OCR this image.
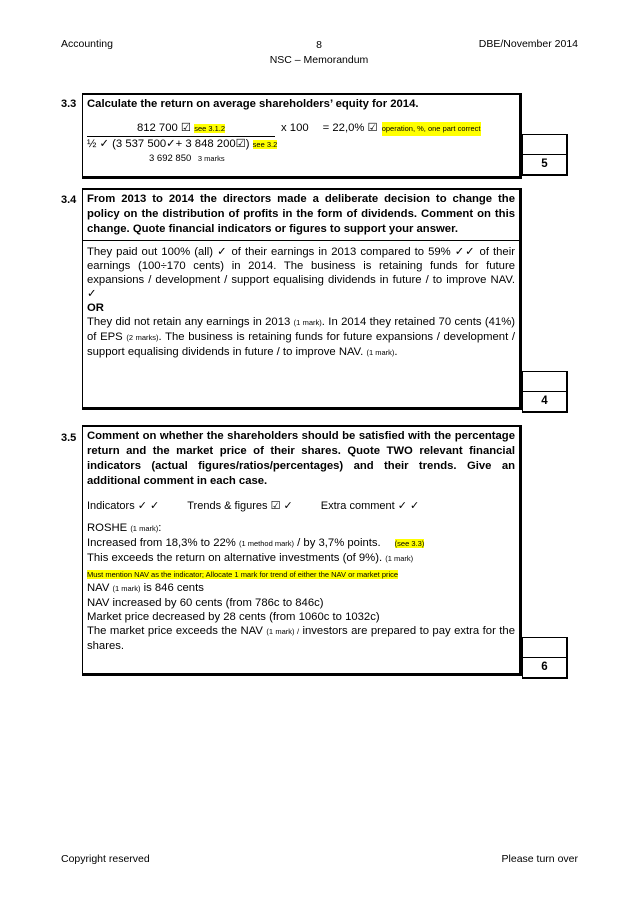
Accounting	8
NSC – Memorandum
DBE/November 2014
3.3 Calculate the return on average shareholders’ equity for 2014.
812 700 ☑ see 3.1.2	x 100 = 22,0% ☑ operation, %, one part correct
½ ✓ (3 537 500✓+ 3 848 200☑) see 3.2
3 692 850 3 marks	5
3.4 From 2013 to 2014 the directors made a deliberate decision to change the policy on the distribution of profits in the form of dividends. Comment on this change. Quote financial indicators or figures to support your answer.
They paid out 100% (all) ✓ of their earnings in 2013 compared to 59% ✓✓ of their earnings (100÷170 cents) in 2014. The business is retaining funds for future expansions / development / support equalising dividends in future / to improve NAV. ✓
OR
They did not retain any earnings in 2013 (1 mark). In 2014 they retained 70 cents (41%) of EPS (2 marks). The business is retaining funds for future expansions / development / support equalising dividends in future / to improve NAV. (1 mark).
4
3.5 Comment on whether the shareholders should be satisfied with the percentage return and the market price of their shares. Quote TWO relevant financial indicators (actual figures/ratios/percentages) and their trends. Give an additional comment in each case.
Indicators ✓ ✓	Trends & figures ☑ ✓	Extra comment ✓ ✓
ROSHE (1 mark):
Increased from 18,3% to 22% (1 method mark) / by 3,7% points. (see 3.3)
This exceeds the return on alternative investments (of 9%). (1 mark)
Must mention NAV as the indicator; Allocate 1 mark for trend of either the NAV or market price
NAV (1 mark) is 846 cents
NAV increased by 60 cents (from 786c to 846c)
Market price decreased by 28 cents (from 1060c to 1032c)
The market price exceeds the NAV (1 mark) / investors are prepared to pay extra for the shares.
6
Copyright reserved	Please turn over
